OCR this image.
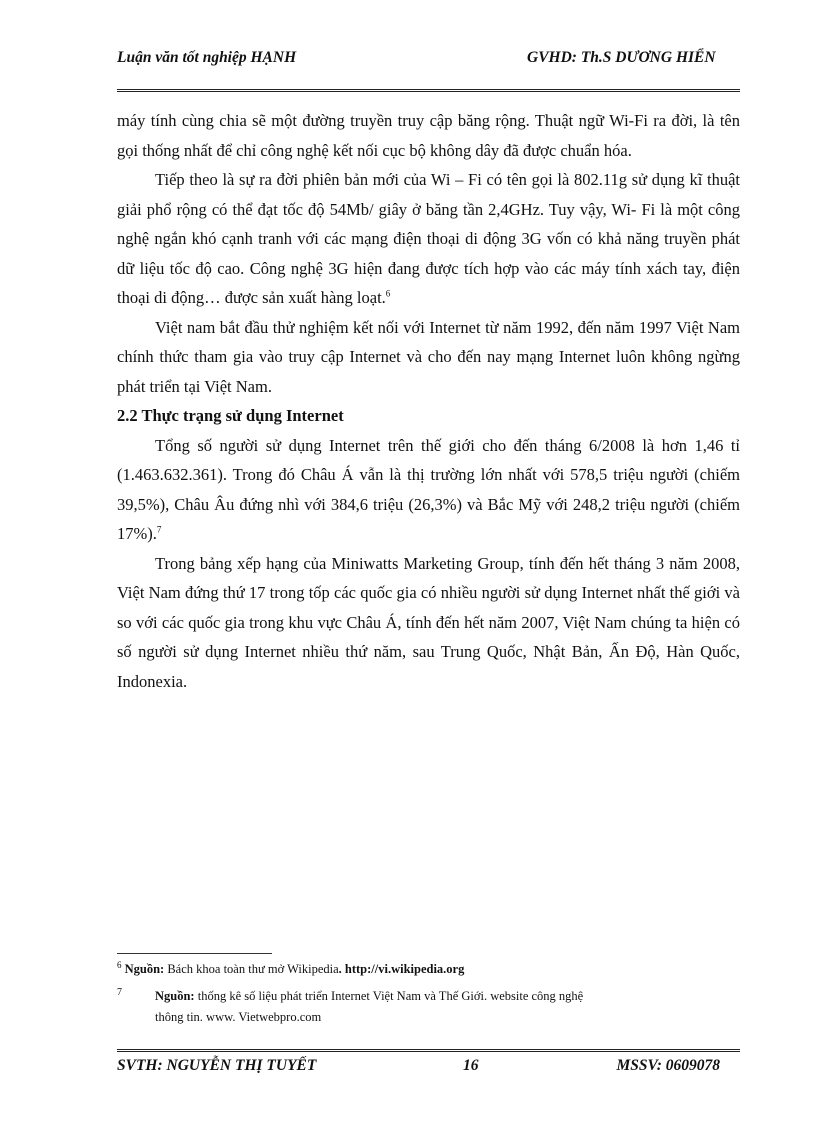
Luận văn tốt nghiệp HẠNH	GVHD: Th.S DƯƠNG HIỂN

máy tính cùng chia sẽ một đường truyền truy cập băng rộng. Thuật ngữ Wi-Fi ra đời, là tên gọi thống nhất để chỉ công nghệ kết nối cục bộ không dây đã được chuẩn hóa.

Tiếp theo là sự ra đời phiên bản mới của Wi – Fi có tên gọi là 802.11g sử dụng kĩ thuật giải phổ rộng có thể đạt tốc độ 54Mb/ giây ở băng tần 2,4GHz. Tuy vậy, Wi- Fi là một công nghệ ngắn khó cạnh tranh với các mạng điện thoại di động 3G vốn có khả năng truyền phát dữ liệu tốc độ cao. Công nghệ 3G hiện đang được tích hợp vào các máy tính xách tay, điện thoại di động… được sản xuất hàng loạt.$^6$

Việt nam bắt đầu thử nghiệm kết nối với Internet từ năm 1992, đến năm 1997 Việt Nam chính thức tham gia vào truy cập Internet và cho đến nay mạng Internet luôn không ngừng phát triển tại Việt Nam.

2.2 Thực trạng sử dụng Internet

Tổng số người sử dụng Internet trên thế giới cho đến tháng 6/2008 là hơn 1,46 tỉ (1.463.632.361). Trong đó Châu Á vẫn là thị trường lớn nhất với 578,5 triệu người (chiếm 39,5%), Châu Âu đứng nhì với 384,6 triệu (26,3%) và Bắc Mỹ với 248,2 triệu người (chiếm 17%).$^7$

Trong bảng xếp hạng của Miniwatts Marketing Group, tính đến hết tháng 3 năm 2008, Việt Nam đứng thứ 17 trong tốp các quốc gia có nhiều người sử dụng Internet nhất thế giới và so với các quốc gia trong khu vực Châu Á, tính đến hết năm 2007, Việt Nam chúng ta hiện có số người sử dụng Internet nhiều thứ năm, sau Trung Quốc, Nhật Bản, Ấn Độ, Hàn Quốc, Indonexia.

$^6$ Nguồn: Bách khoa toàn thư mở Wikipedia. http://vi.wikipedia.org

7	Nguồn: thống kê số liệu phát triển Internet Việt Nam và Thế Giới. website công nghệ

thông tin. www. Vietwebpro.com

SVTH: NGUYỄN THỊ TUYẾT	16	MSSV: 0609078
